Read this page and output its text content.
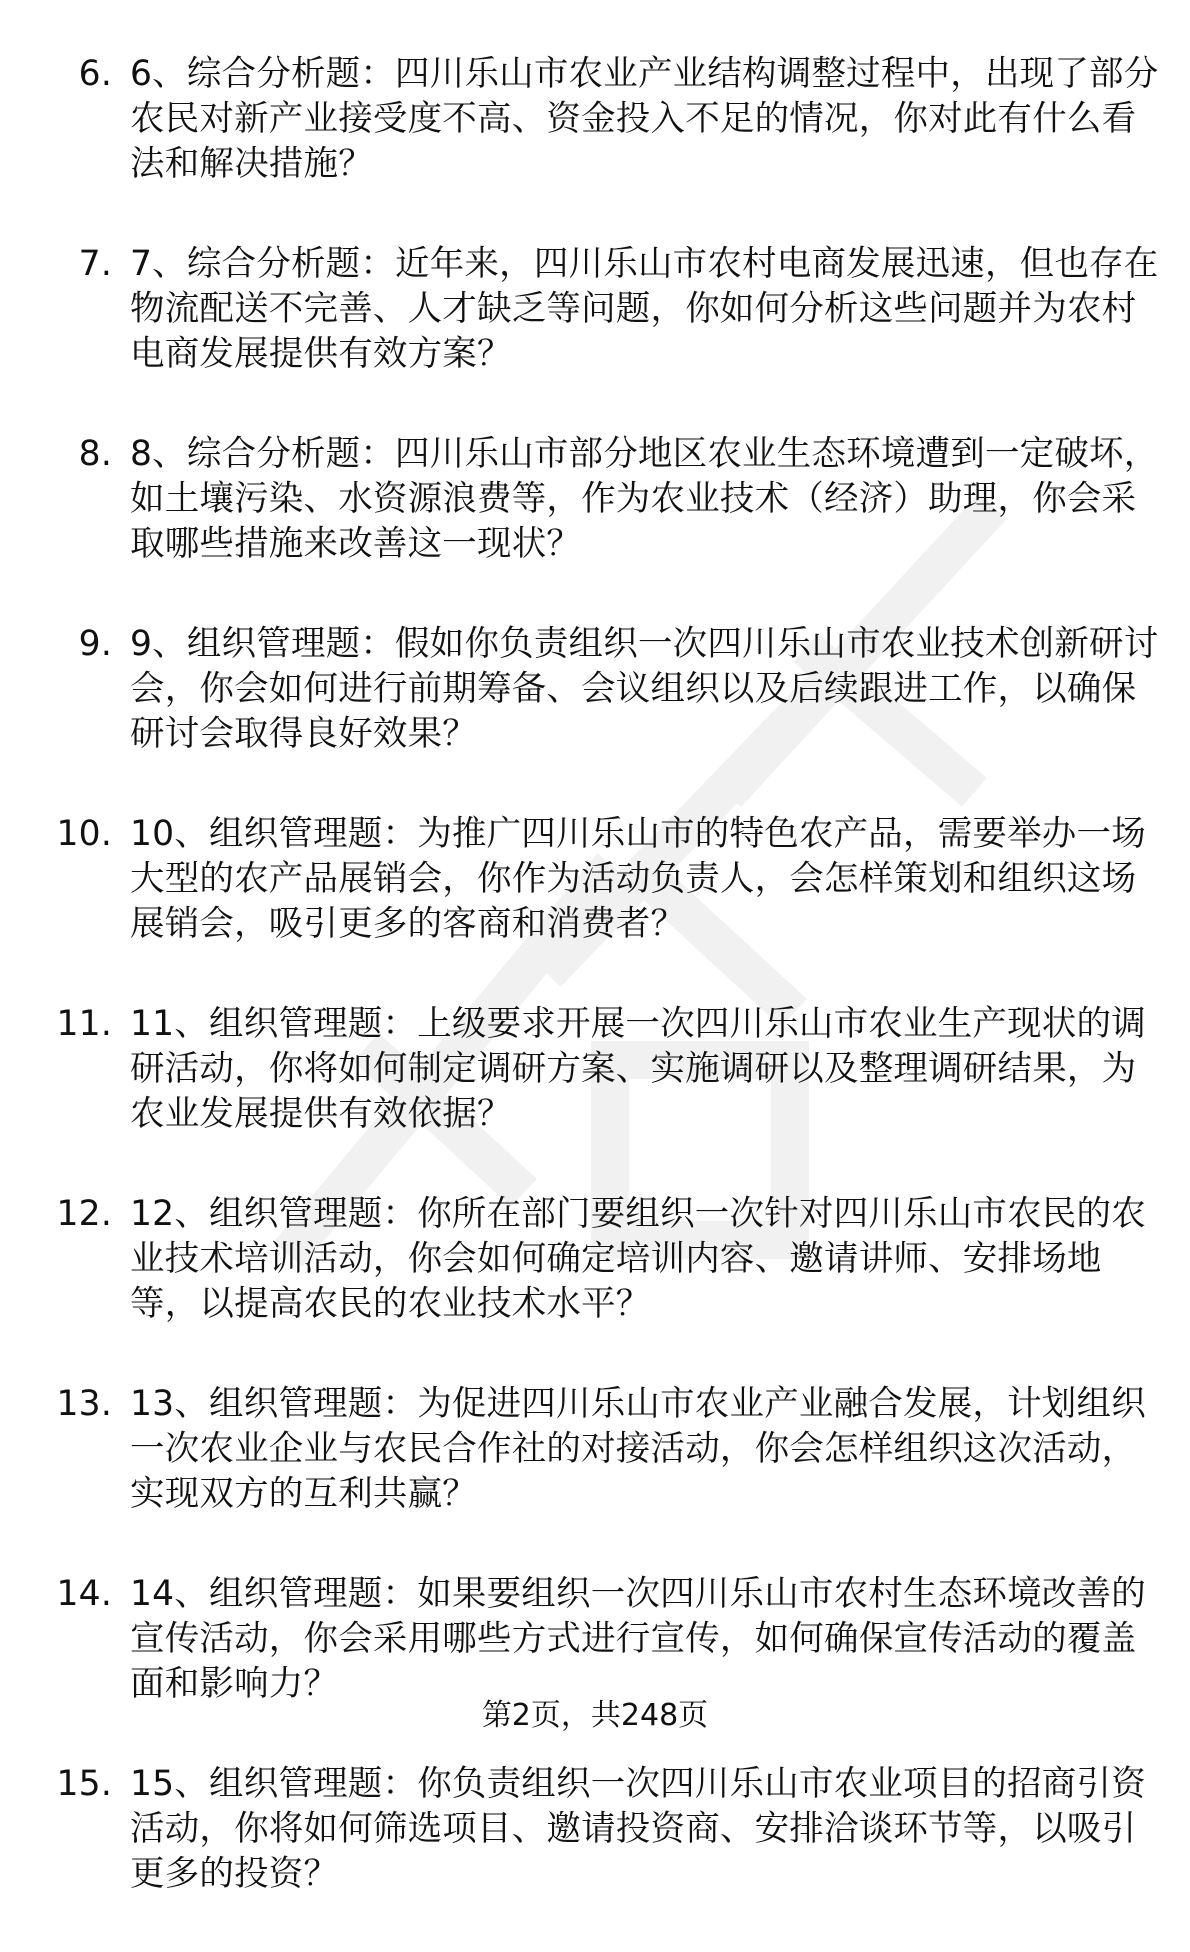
6. 6、综合分析题：四川乐山市农业产业结构调整过程中，出现了部分农民对新产业接受度不高、资金投入不足的情况，你对此有什么看法和解决措施？
7. 7、综合分析题：近年来，四川乐山市农村电商发展迅速，但也存在物流配送不完善、人才缺乏等问题，你如何分析这些问题并为农村电商发展提供有效方案？
8. 8、综合分析题：四川乐山市部分地区农业生态环境遭到一定破坏，如土壤污染、水资源浪费等，作为农业技术（经济）助理，你会采取哪些措施来改善这一现状？
9. 9、组织管理题：假如你负责组织一次四川乐山市农业技术创新研讨会，你会如何进行前期筹备、会议组织以及后续跟进工作，以确保研讨会取得良好效果？
10. 10、组织管理题：为推广四川乐山市的特色农产品，需要举办一场大型的农产品展销会，你作为活动负责人，会怎样策划和组织这场展销会，吸引更多的客商和消费者？
11. 11、组织管理题：上级要求开展一次四川乐山市农业生产现状的调研活动，你将如何制定调研方案、实施调研以及整理调研结果，为农业发展提供有效依据？
12. 12、组织管理题：你所在部门要组织一次针对四川乐山市农民的农业技术培训活动，你会如何确定培训内容、邀请讲师、安排场地等，以提高农民的农业技术水平？
13. 13、组织管理题：为促进四川乐山市农业产业融合发展，计划组织一次农业企业与农民合作社的对接活动，你会怎样组织这次活动，实现双方的互利共赢？
14. 14、组织管理题：如果要组织一次四川乐山市农村生态环境改善的宣传活动，你会采用哪些方式进行宣传，如何确保宣传活动的覆盖面和影响力？
15. 15、组织管理题：你负责组织一次四川乐山市农业项目的招商引资活动，你将如何筛选项目、邀请投资商、安排洽谈环节等，以吸引更多的投资？
第2页，共248页
